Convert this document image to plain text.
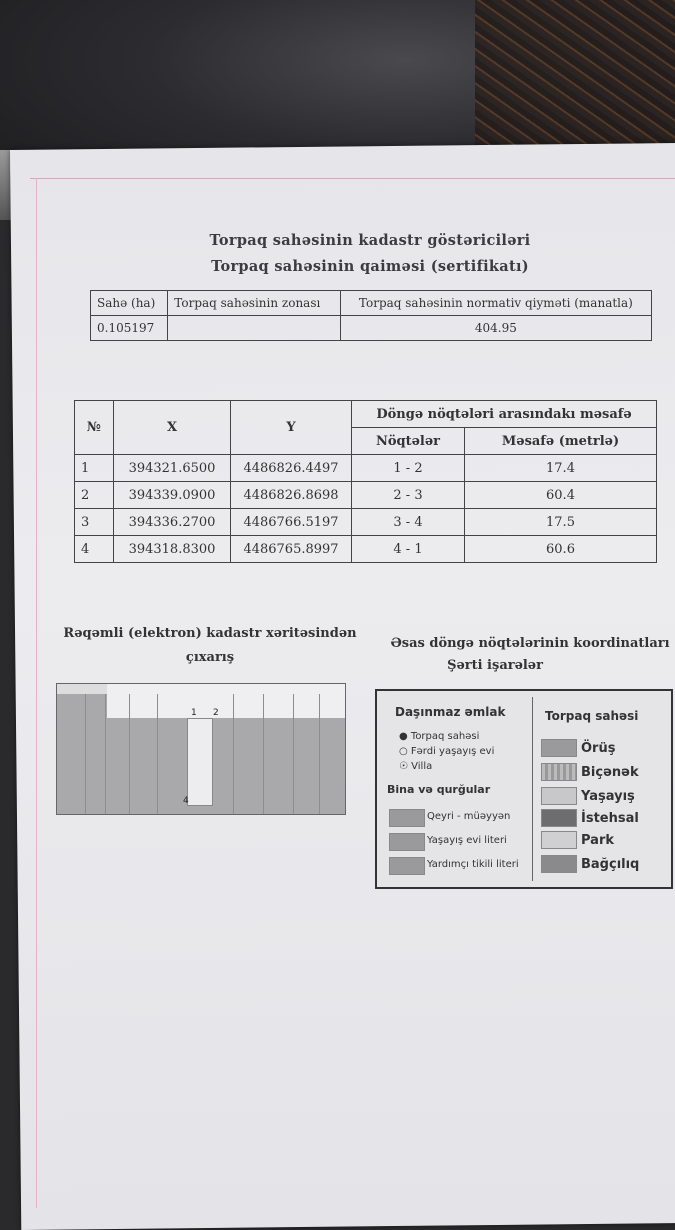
Torpaq sahəsinin kadastr göstəriciləri
Torpaq sahəsinin qaiməsi (sertifikatı)
Sahə (ha)	Torpaq sahəsinin zonası	Torpaq sahəsinin normativ qiyməti (manatla)
0.105197		404.95
№	X	Y	Döngə nöqtələri arasındakı məsafə	
			Nöqtələr	Məsafə (metrlə)
1	394321.6500	4486826.4497	1 - 2	17.4
2	394339.0900	4486826.8698	2 - 3	60.4
3	394336.2700	4486766.5197	3 - 4	17.5
4	394318.8300	4486765.8997	4 - 1	60.6
Rəqəmli (elektron) kadastr xəritəsindən
çıxarış
Əsas döngə nöqtələrinin koordinatları
Şərti işarələr
1 2
4
Daşınmaz əmlak	Torpaq sahəsi
● Torpaq sahəsi
○ Fərdi yaşayış evi
☉ Villa
Bina və qurğular
Qeyri - müəyyən
Yaşayış evi literi
Yardımçı tikili literi
Örüş
Biçənək
Yaşayış
İstehsal
Park
Bağçılıq
